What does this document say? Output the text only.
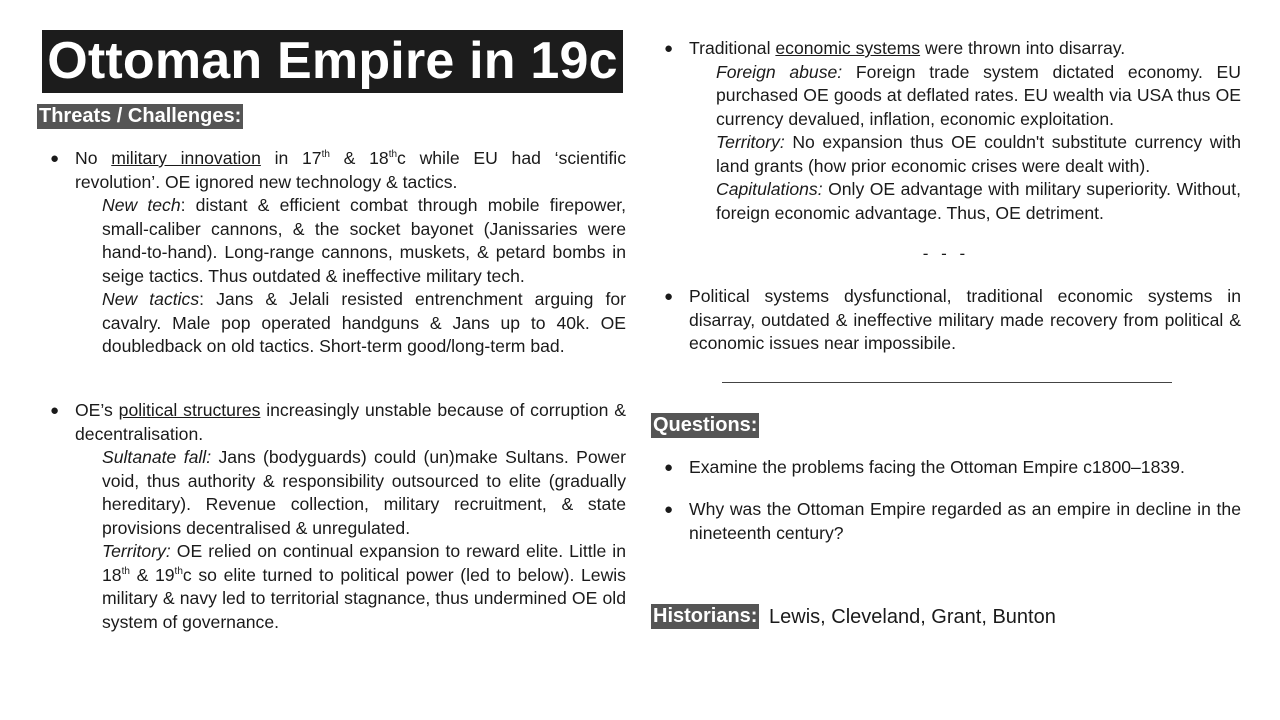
Ottoman Empire in 19c
Threats / Challenges:
● No military innovation in 17th & 18thc while EU had ‘scientific revolution’. OE ignored new technology & tactics.
New tech: distant & efficient combat through mobile firepower, small-caliber cannons, & the socket bayonet (Janissaries were hand-to-hand). Long-range cannons, muskets, & petard bombs in seige tactics. Thus outdated & ineffective military tech.
New tactics: Jans & Jelali resisted entrenchment arguing for cavalry. Male pop operated handguns & Jans up to 40k. OE doubledback on old tactics. Short-term good/long-term bad.
● OE’s political structures increasingly unstable because of corruption & decentralisation.
Sultanate fall: Jans (bodyguards) could (un)make Sultans. Power void, thus authority & responsibility outsourced to elite (gradually hereditary). Revenue collection, military recruitment, & state provisions decentralised & unregulated.
Territory: OE relied on continual expansion to reward elite. Little in 18th & 19thc so elite turned to political power (led to below). Lewis military & navy led to territorial stagnance, thus undermined OE old system of governance.
● Traditional economic systems were thrown into disarray.
Foreign abuse: Foreign trade system dictated economy. EU purchased OE goods at deflated rates. EU wealth via USA thus OE currency devalued, inflation, economic exploitation.
Territory: No expansion thus OE couldn't substitute currency with land grants (how prior economic crises were dealt with).
Capitulations: Only OE advantage with military superiority. Without, foreign economic advantage. Thus, OE detriment.
- - -
● Political systems dysfunctional, traditional economic systems in disarray, outdated & ineffective military made recovery from political & economic issues near impossibile.
Questions:
● Examine the problems facing the Ottoman Empire c1800–1839.
● Why was the Ottoman Empire regarded as an empire in decline in the nineteenth century?
Historians: Lewis, Cleveland, Grant, Bunton
